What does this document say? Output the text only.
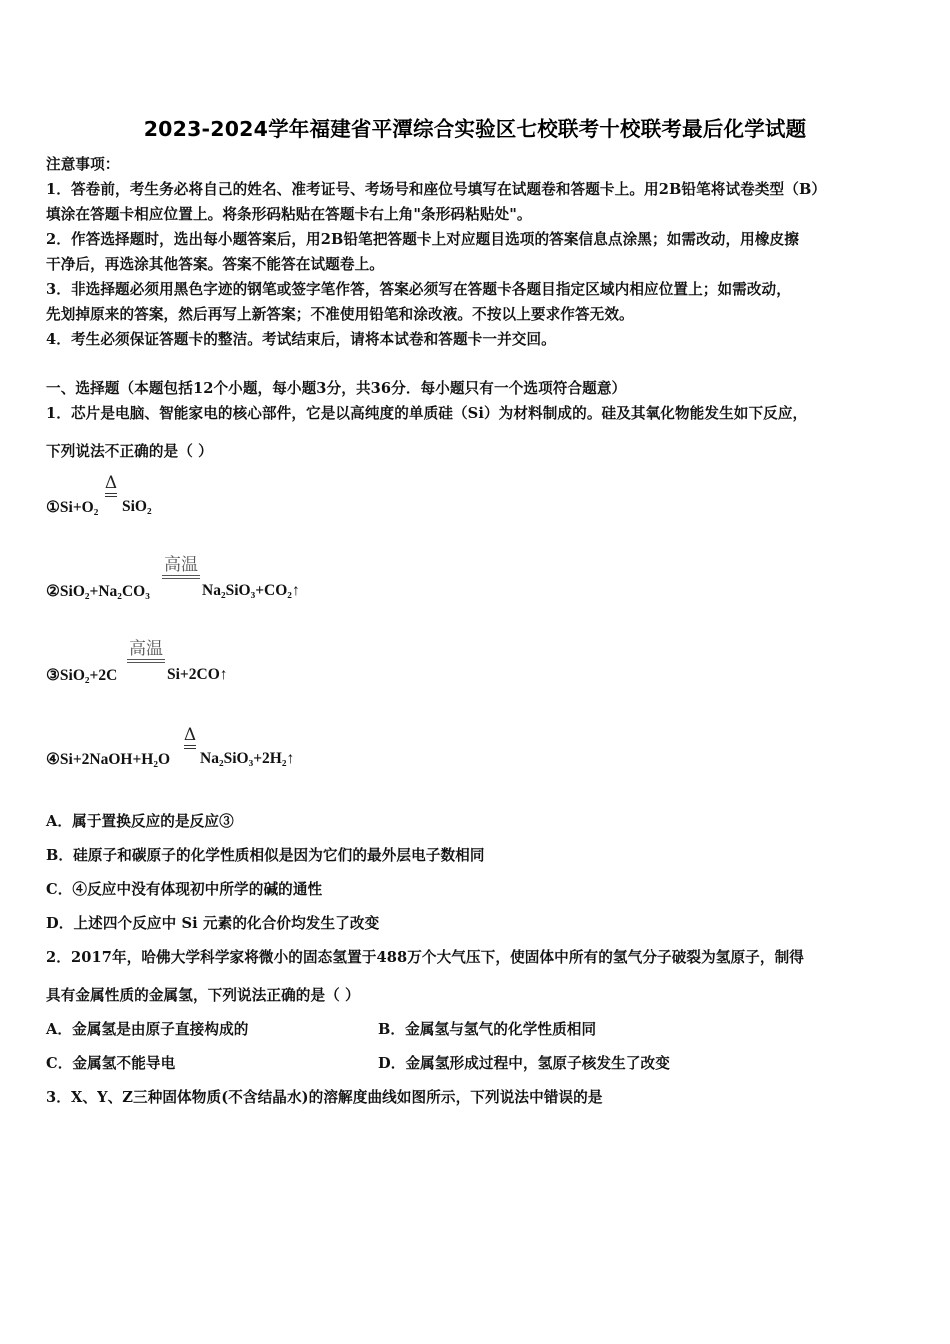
2023-2024学年福建省平潭综合实验区七校联考十校联考最后化学试题
注意事项：
1．答卷前，考生务必将自己的姓名、准考证号、考场号和座位号填写在试题卷和答题卡上。用2B铅笔将试卷类型（B）
填涂在答题卡相应位置上。将条形码粘贴在答题卡右上角"条形码粘贴处"。
2．作答选择题时，选出每小题答案后，用2B铅笔把答题卡上对应题目选项的答案信息点涂黑；如需改动，用橡皮擦
干净后，再选涂其他答案。答案不能答在试题卷上。
3．非选择题必须用黑色字迹的钢笔或签字笔作答，答案必须写在答题卡各题目指定区域内相应位置上；如需改动，
先划掉原来的答案，然后再写上新答案；不准使用铅笔和涂改液。不按以上要求作答无效。
4．考生必须保证答题卡的整洁。考试结束后，请将本试卷和答题卡一并交回。
一、选择题（本题包括12个小题，每小题3分，共36分．每小题只有一个选项符合题意）
1．芯片是电脑、智能家电的核心部件，它是以高纯度的单质硅（Si）为材料制成的。硅及其氧化物能发生如下反应，
下列说法不正确的是（ ）
①Si+O₂
Δ
SiO₂
②SiO₂+Na₂CO₃
高温
Na₂SiO₃+CO₂↑
③SiO₂+2C
高温
Si+2CO↑
④Si+2NaOH+H₂O
Δ
Na₂SiO₃+2H₂↑
A．属于置换反应的是反应③
B．硅原子和碳原子的化学性质相似是因为它们的最外层电子数相同
C．④反应中没有体现初中所学的碱的通性
D．上述四个反应中 Si 元素的化合价均发生了改变
2．2017年，哈佛大学科学家将微小的固态氢置于488万个大气压下，使固体中所有的氢气分子破裂为氢原子，制得
具有金属性质的金属氢，下列说法正确的是（ ）
A．金属氢是由原子直接构成的	B．金属氢与氢气的化学性质相同
C．金属氢不能导电	D．金属氢形成过程中，氢原子核发生了改变
3．X、Y、Z三种固体物质(不含结晶水)的溶解度曲线如图所示，下列说法中错误的是
